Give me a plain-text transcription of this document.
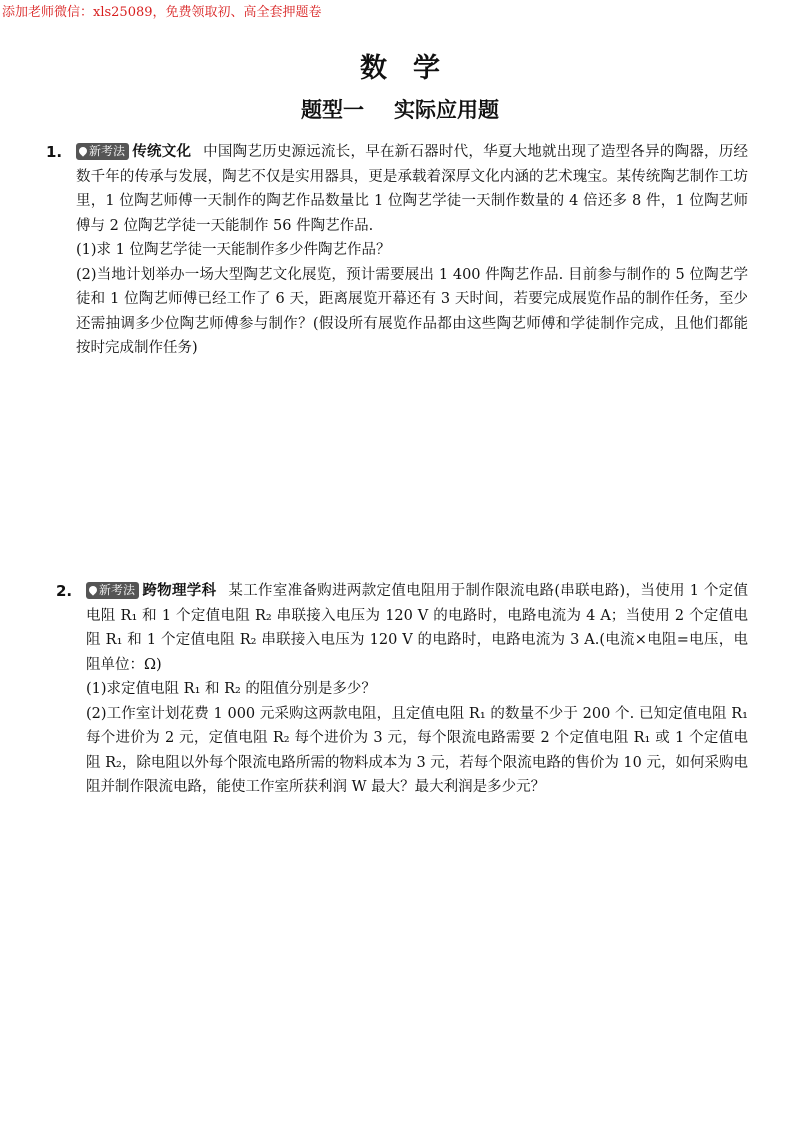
添加老师微信：xls25089，免费领取初、高全套押题卷
数学
题型一 实际应用题
1.	新考法 传统文化 中国陶艺历史源远流长，早在新石器时代，华夏大地就出现了造型各异的陶器，历经数千年的传承与发展，陶艺不仅是实用器具，更是承载着深厚文化内涵的艺术瑰宝。某传统陶艺制作工坊里，1 位陶艺师傅一天制作的陶艺作品数量比 1 位陶艺学徒一天制作数量的 4 倍还多 8 件，1 位陶艺师傅与 2 位陶艺学徒一天能制作 56 件陶艺作品.

(1)求 1 位陶艺学徒一天能制作多少件陶艺作品？

(2)当地计划举办一场大型陶艺文化展览，预计需要展出 1 400 件陶艺作品. 目前参与制作的 5 位陶艺学徒和 1 位陶艺师傅已经工作了 6 天，距离展览开幕还有 3 天时间，若要完成展览作品的制作任务，至少还需抽调多少位陶艺师傅参与制作？(假设所有展览作品都由这些陶艺师傅和学徒制作完成，且他们都能按时完成制作任务)

2.	新考法 跨物理学科 某工作室准备购进两款定值电阻用于制作限流电路(串联电路)，当使用 1 个定值电阻 R₁ 和 1 个定值电阻 R₂ 串联接入电压为 120 V 的电路时，电路电流为 4 A；当使用 2 个定值电阻 R₁ 和 1 个定值电阻 R₂ 串联接入电压为 120 V 的电路时，电路电流为 3 A.(电流×电阻=电压，电阻单位：Ω)

(1)求定值电阻 R₁ 和 R₂ 的阻值分别是多少？

(2)工作室计划花费 1 000 元采购这两款电阻，且定值电阻 R₁ 的数量不少于 200 个. 已知定值电阻 R₁ 每个进价为 2 元，定值电阻 R₂ 每个进价为 3 元，每个限流电路需要 2 个定值电阻 R₁ 或 1 个定值电阻 R₂，除电阻以外每个限流电路所需的物料成本为 3 元，若每个限流电路的售价为 10 元，如何采购电阻并制作限流电路，能使工作室所获利润 W 最大？最大利润是多少元？
